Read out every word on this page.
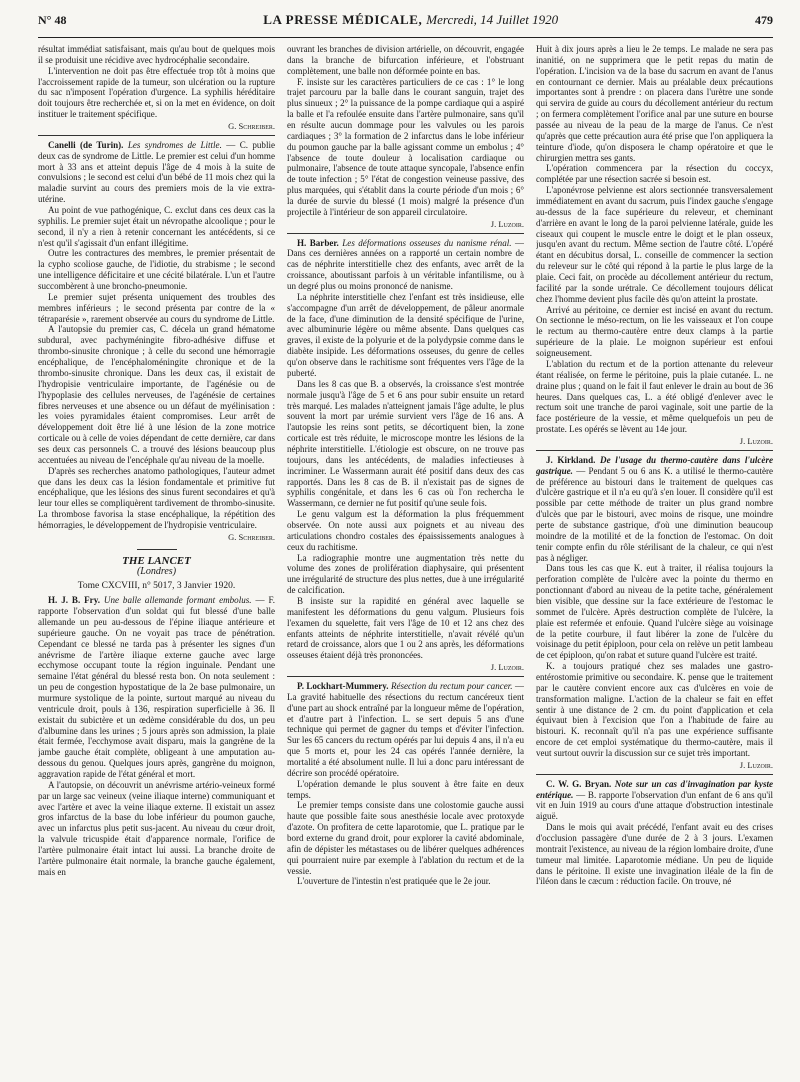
N° 48	LA PRESSE MÉDICALE, Mercredi, 14 Juillet 1920	479

résultat immédiat satisfaisant, mais qu'au bout de quelques mois il se produisit une récidive avec hydrocéphalie secondaire.

L'intervention ne doit pas être effectuée trop tôt à moins que l'accroissement rapide de la tumeur, son ulcération ou la rupture du sac n'imposent l'opération d'urgence. La syphilis héréditaire doit toujours être recherchée et, si on la met en évidence, on doit instituer le traitement spécifique.

G. Schreiber.

Canelli (de Turin). Les syndromes de Little. — C. publie deux cas de syndrome de Little. Le premier est celui d'un homme mort à 33 ans et atteint depuis l'âge de 4 mois à la suite de convulsions ; le second est celui d'un bébé de 11 mois chez qui la maladie survint au cours des premiers mois de la vie extra-utérine.

Au point de vue pathogénique, C. exclut dans ces deux cas la syphilis. Le premier sujet était un névropathe alcoolique ; pour le second, il n'y a rien à retenir concernant les antécédents, si ce n'est qu'il s'agissait d'un enfant illégitime.

Outre les contractures des membres, le premier présentait de la cypho scoliose gauche, de l'idiotie, du strabisme ; le second une intelligence déficitaire et une cécité bilatérale. L'un et l'autre succombèrent à une broncho-pneumonie.

Le premier sujet présenta uniquement des troubles des membres inférieurs ; le second présenta par contre de la « tétraparésie », rarement observée au cours du syndrome de Little.

A l'autopsie du premier cas, C. décela un grand hématome subdural, avec pachyméningite fibro-adhésive diffuse et thrombo-sinusite chronique ; à celle du second une hémorragie encéphalique, de l'encéphaloméningite chronique et de la thrombo-sinusite chronique. Dans les deux cas, il existait de l'hydropisie ventriculaire importante, de l'agénésie ou de l'hypoplasie des cellules nerveuses, de l'agénésie de certaines fibres nerveuses et une absence ou un défaut de myélinisation : les voies pyramidales étaient compromises. Leur arrêt de développement doit être lié à une lésion de la zone motrice corticale ou à celle de voies dépendant de cette dernière, car dans ses deux cas personnels C. a trouvé des lésions beaucoup plus accentuées au niveau de l'encéphale qu'au niveau de la moelle.

D'après ses recherches anatomo pathologiques, l'auteur admet que dans les deux cas la lésion fondamentale et primitive fut encéphalique, que les lésions des sinus furent secondaires et qu'à leur tour elles se compliquèrent tardivement de thrombo-sinusite. La thrombose favorisa la stase encéphalique, la répétition des hémorragies, le développement de l'hydropisie ventriculaire.

G. Schreiber.
THE LANCET
(Londres)
Tome CXCVIII, n° 5017, 3 Janvier 1920.

H. J. B. Fry. Une balle allemande formant embolus. — F. rapporte l'observation d'un soldat qui fut blessé d'une balle allemande un peu au-dessous de l'épine iliaque antérieure et supérieure gauche. On ne voyait pas trace de pénétration. Cependant ce blessé ne tarda pas à présenter les signes d'un anévrisme de l'artère iliaque externe gauche avec large ecchymose occupant toute la région inguinale. Pendant une semaine l'état général du blessé resta bon. On nota seulement : un peu de congestion hypostatique de la 2e base pulmonaire, un murmure systolique de la pointe, surtout marqué au niveau du ventricule droit, pouls à 136, respiration superficielle à 36. Il existait du subictère et un œdème considérable du dos, un peu d'albumine dans les urines ; 5 jours après son admission, la plaie était fermée, l'ecchymose avait disparu, mais la gangrène de la jambe gauche était complète, obligeant à une amputation au-dessous du genou. Quelques jours après, gangrène du moignon, aggravation rapide de l'état général et mort.

A l'autopsie, on découvrit un anévrisme artério-veineux formé par un large sac veineux (veine iliaque interne) communiquant et avec l'artère et avec la veine iliaque externe. Il existait un assez gros infarctus de la base du lobe inférieur du poumon gauche, avec un infarctus plus petit sus-jacent. Au niveau du cœur droit, la valvule tricuspide était d'apparence normale, l'orifice de l'artère pulmonaire était intact lui aussi. La branche droite de l'artère pulmonaire était normale, la branche gauche également, mais en

ouvrant les branches de division artérielle, on découvrit, engagée dans la branche de bifurcation inférieure, et l'obstruant complètement, une balle non déformée pointe en bas.

F. insiste sur les caractères particuliers de ce cas : 1° le long trajet parcouru par la balle dans le courant sanguin, trajet des plus sinueux ; 2° la puissance de la pompe cardiaque qui a aspiré la balle et l'a refoulée ensuite dans l'artère pulmonaire, sans qu'il en résulte aucun dommage pour les valvules ou les parois cardiaques ; 3° la formation de 2 infarctus dans le lobe inférieur du poumon gauche par la balle agissant comme un embolus ; 4° l'absence de toute douleur à localisation cardiaque ou pulmonaire, l'absence de toute attaque syncopale, l'absence enfin de toute infection ; 5° l'état de congestion veineuse passive, des plus marquées, qui s'établit dans la courte période d'un mois ; 6° la durée de survie du blessé (1 mois) malgré la présence d'un projectile à l'intérieur de son appareil circulatoire.

J. Luzoir.

H. Barber. Les déformations osseuses du nanisme rénal. — Dans ces dernières années on a rapporté un certain nombre de cas de néphrite interstitielle chez des enfants, avec arrêt de la croissance, aboutissant parfois à un véritable infantilisme, ou à un degré plus ou moins prononcé de nanisme.

La néphrite interstitielle chez l'enfant est très insidieuse, elle s'accompagne d'un arrêt de développement, de pâleur anormale de la face, d'une diminution de la densité spécifique de l'urine, avec albuminurie légère ou même absente. Dans quelques cas graves, il existe de la polyurie et de la polydypsie comme dans le diabète insipide. Les déformations osseuses, du genre de celles qu'on observe dans le rachitisme sont fréquentes vers l'âge de la puberté.

Dans les 8 cas que B. a observés, la croissance s'est montrée normale jusqu'à l'âge de 5 et 6 ans pour subir ensuite un retard très marqué. Les malades n'atteignent jamais l'âge adulte, le plus souvent la mort par urémie survient vers l'âge de 16 ans. A l'autopsie les reins sont petits, se décortiquent bien, la zone corticale est très réduite, le microscope montre les lésions de la néphrite interstitielle. L'étiologie est obscure, on ne trouve pas toujours, dans les antécédents, de maladies infectieuses à incriminer. Le Wassermann aurait été positif dans deux des cas rapportés. Dans les 8 cas de B. il n'existait pas de signes de syphilis congénitale, et dans les 6 cas où l'on rechercha le Wassermann, ce dernier ne fut positif qu'une seule fois.

Le genu valgum est la déformation la plus fréquemment observée. On note aussi aux poignets et au niveau des articulations chondro costales des épaississements analogues à ceux du rachitisme.

La radiographie montre une augmentation très nette du volume des zones de prolifération diaphysaire, qui présentent une irrégularité de structure des plus nettes, due à une irrégularité de calcification.

B insiste sur la rapidité en général avec laquelle se manifestent les déformations du genu valgum. Plusieurs fois l'examen du squelette, fait vers l'âge de 10 et 12 ans chez des enfants atteints de néphrite interstitielle, n'avait révélé qu'un retard de croissance, alors que 1 ou 2 ans après, les déformations osseuses étaient déjà très prononcées.

J. Luzoir.

P. Lockhart-Mummery. Résection du rectum pour cancer. — La gravité habituelle des résections du rectum cancéreux tient d'une part au shock entraîné par la longueur même de l'opération, et d'autre part à l'infection. L. se sert depuis 5 ans d'une technique qui permet de gagner du temps et d'éviter l'infection. Sur les 65 cancers du rectum opérés par lui depuis 4 ans, il n'a eu que 5 morts et, pour les 24 cas opérés l'année dernière, la mortalité a été absolument nulle. Il lui a donc paru intéressant de décrire son procédé opératoire.

L'opération demande le plus souvent à être faite en deux temps.

Le premier temps consiste dans une colostomie gauche aussi haute que possible faite sous anesthésie locale avec protoxyde d'azote. On profitera de cette laparotomie, que L. pratique par le bord externe du grand droit, pour explorer la cavité abdominale, afin de dépister les métastases ou de libérer quelques adhérences qui pourraient nuire par exemple à l'ablation du rectum et de la vessie.

L'ouverture de l'intestin n'est pratiquée que le 2e jour.

Huit à dix jours après a lieu le 2e temps. Le malade ne sera pas inanitié, on ne supprimera que le petit repas du matin de l'opération. L'incision va de la base du sacrum en avant de l'anus en contournant ce dernier. Mais au préalable deux précautions importantes sont à prendre : on placera dans l'urètre une sonde qui servira de guide au cours du décollement antérieur du rectum ; on fermera complètement l'orifice anal par une suture en bourse passée au niveau de la peau de la marge de l'anus. Ce n'est qu'après que cette précaution aura été prise que l'on appliquera la teinture d'iode, qu'on disposera le champ opératoire et que le chirurgien mettra ses gants.

L'opération commencera par la résection du coccyx, complétée par une résection sacrée si besoin est.

L'aponévrose pelvienne est alors sectionnée transversalement immédiatement en avant du sacrum, puis l'index gauche s'engage au-dessus de la face supérieure du releveur, et cheminant d'arrière en avant le long de la paroi pelvienne latérale, guide les ciseaux qui coupent le muscle entre le doigt et le plan osseux, jusqu'en avant du rectum. Même section de l'autre côté. L'opéré étant en décubitus dorsal, L. conseille de commencer la section du releveur sur le côté qui répond à la partie le plus large de la plaie. Ceci fait, on procède au décollement antérieur du rectum, facilité par la sonde urétrale. Ce décollement toujours délicat chez l'homme devient plus facile dès qu'on atteint la prostate.

Arrivé au péritoine, ce dernier est incisé en avant du rectum. On sectionne le méso-rectum, on lie les vaisseaux et l'on coupe le rectum au thermo-cautère entre deux clamps à la partie supérieure de la plaie. Le moignon supérieur est enfoui soigneusement.

L'ablation du rectum et de la portion attenante du releveur étant réalisée, on ferme le péritoine, puis la plaie cutanée. L. ne draine plus ; quand on le fait il faut enlever le drain au bout de 36 heures. Dans quelques cas, L. a été obligé d'enlever avec le rectum soit une tranche de paroi vaginale, soit une partie de la face postérieure de la vessie, et même quelquefois un peu de prostate. Les opérés se lèvent au 14e jour.

J. Luzoir.

J. Kirkland. De l'usage du thermo-cautère dans l'ulcère gastrique. — Pendant 5 ou 6 ans K. a utilisé le thermo-cautère de préférence au bistouri dans le traitement de quelques cas d'ulcère gastrique et il n'a eu qu'à s'en louer. Il considère qu'il est possible par cette méthode de traiter un plus grand nombre d'ulcès que par le bistouri, avec moins de risque, une moindre perte de substance gastrique, d'où une diminution beaucoup moindre de la motilité et de la fonction de l'estomac. On doit tenir compte enfin du rôle stérilisant de la chaleur, ce qui n'est pas à négliger.

Dans tous les cas que K. eut à traiter, il réalisa toujours la perforation complète de l'ulcère avec la pointe du thermo en ponctionnant d'abord au niveau de la petite tache, généralement bien visible, que dessine sur la face extérieure de l'estomac le sommet de l'ulcère. Après destruction complète de l'ulcère, la plaie est refermée et enfouie. Quand l'ulcère siège au voisinage de la petite courbure, il faut libérer la zone de l'ulcère du voisinage du petit épiploon, pour cela on relève un petit lambeau de cet épiploon, qu'on rabat et suture quand l'ulcère est traité.

K. a toujours pratiqué chez ses malades une gastro-entérostomie primitive ou secondaire. K. pense que le traitement par le cautère convient encore aux cas d'ulcères en voie de transformation maligne. L'action de la chaleur se fait en effet sentir à une distance de 2 cm. du point d'application et cela équivaut bien à l'excision que l'on a l'habitude de faire au bistouri. K. reconnaît qu'il n'a pas une expérience suffisante encore de cet emploi systématique du thermo-cautère, mais il veut surtout ouvrir la discussion sur ce sujet très important.

J. Luzoir.

C. W. G. Bryan. Note sur un cas d'invagination par kyste entérique. — B. rapporte l'observation d'un enfant de 6 ans qu'il vit en Juin 1919 au cours d'une attaque d'obstruction intestinale aiguë.

Dans le mois qui avait précédé, l'enfant avait eu des crises d'occlusion passagère d'une durée de 2 à 3 jours. L'examen montrait l'existence, au niveau de la région lombaire droite, d'une tumeur mal limitée. Laparotomie médiane. Un peu de liquide dans le péritoine. Il existe une invagination iléale de la fin de l'iléon dans le cæcum : réduction facile. On trouve, né
